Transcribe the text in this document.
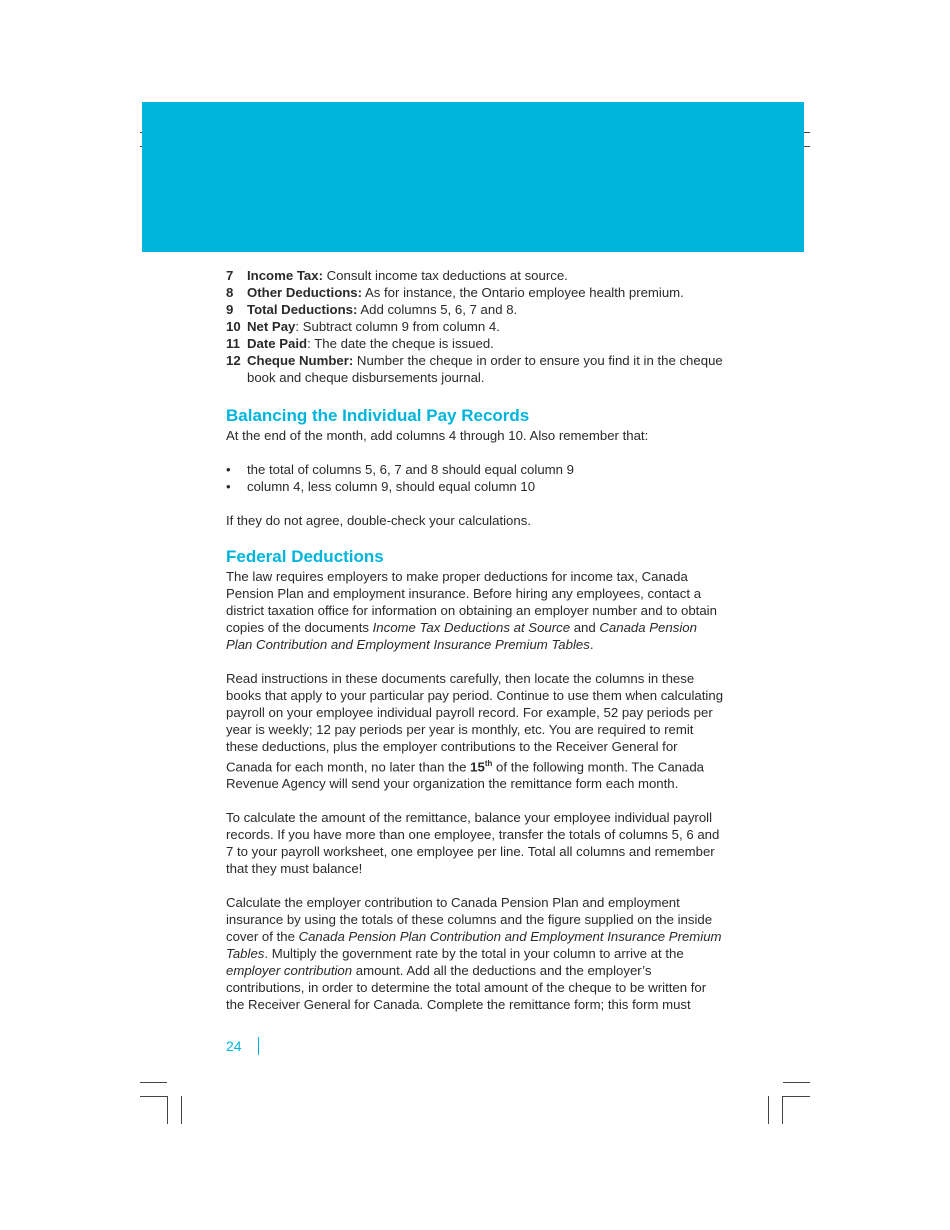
7 Income Tax: Consult income tax deductions at source.
8 Other Deductions: As for instance, the Ontario employee health premium.
9 Total Deductions: Add columns 5, 6, 7 and 8.
10 Net Pay: Subtract column 9 from column 4.
11 Date Paid: The date the cheque is issued.
12 Cheque Number: Number the cheque in order to ensure you find it in the cheque book and cheque disbursements journal.
Balancing the Individual Pay Records

At the end of the month, add columns 4 through 10. Also remember that:

• the total of columns 5, 6, 7 and 8 should equal column 9
• column 4, less column 9, should equal column 10

If they do not agree, double-check your calculations.

Federal Deductions

The law requires employers to make proper deductions for income tax, Canada Pension Plan and employment insurance. Before hiring any employees, contact a district taxation office for information on obtaining an employer number and to obtain copies of the documents Income Tax Deductions at Source and Canada Pension Plan Contribution and Employment Insurance Premium Tables.

Read instructions in these documents carefully, then locate the columns in these books that apply to your particular pay period. Continue to use them when calculating payroll on your employee individual payroll record. For example, 52 pay periods per year is weekly; 12 pay periods per year is monthly, etc. You are required to remit these deductions, plus the employer contributions to the Receiver General for Canada for each month, no later than the 15th of the following month. The Canada Revenue Agency will send your organization the remittance form each month.

To calculate the amount of the remittance, balance your employee individual payroll records. If you have more than one employee, transfer the totals of columns 5, 6 and 7 to your payroll worksheet, one employee per line. Total all columns and remember that they must balance!

Calculate the employer contribution to Canada Pension Plan and employment insurance by using the totals of these columns and the figure supplied on the inside cover of the Canada Pension Plan Contribution and Employment Insurance Premium Tables. Multiply the government rate by the total in your column to arrive at the employer contribution amount. Add all the deductions and the employer’s contributions, in order to determine the total amount of the cheque to be written for the Receiver General for Canada. Complete the remittance form; this form must

24
